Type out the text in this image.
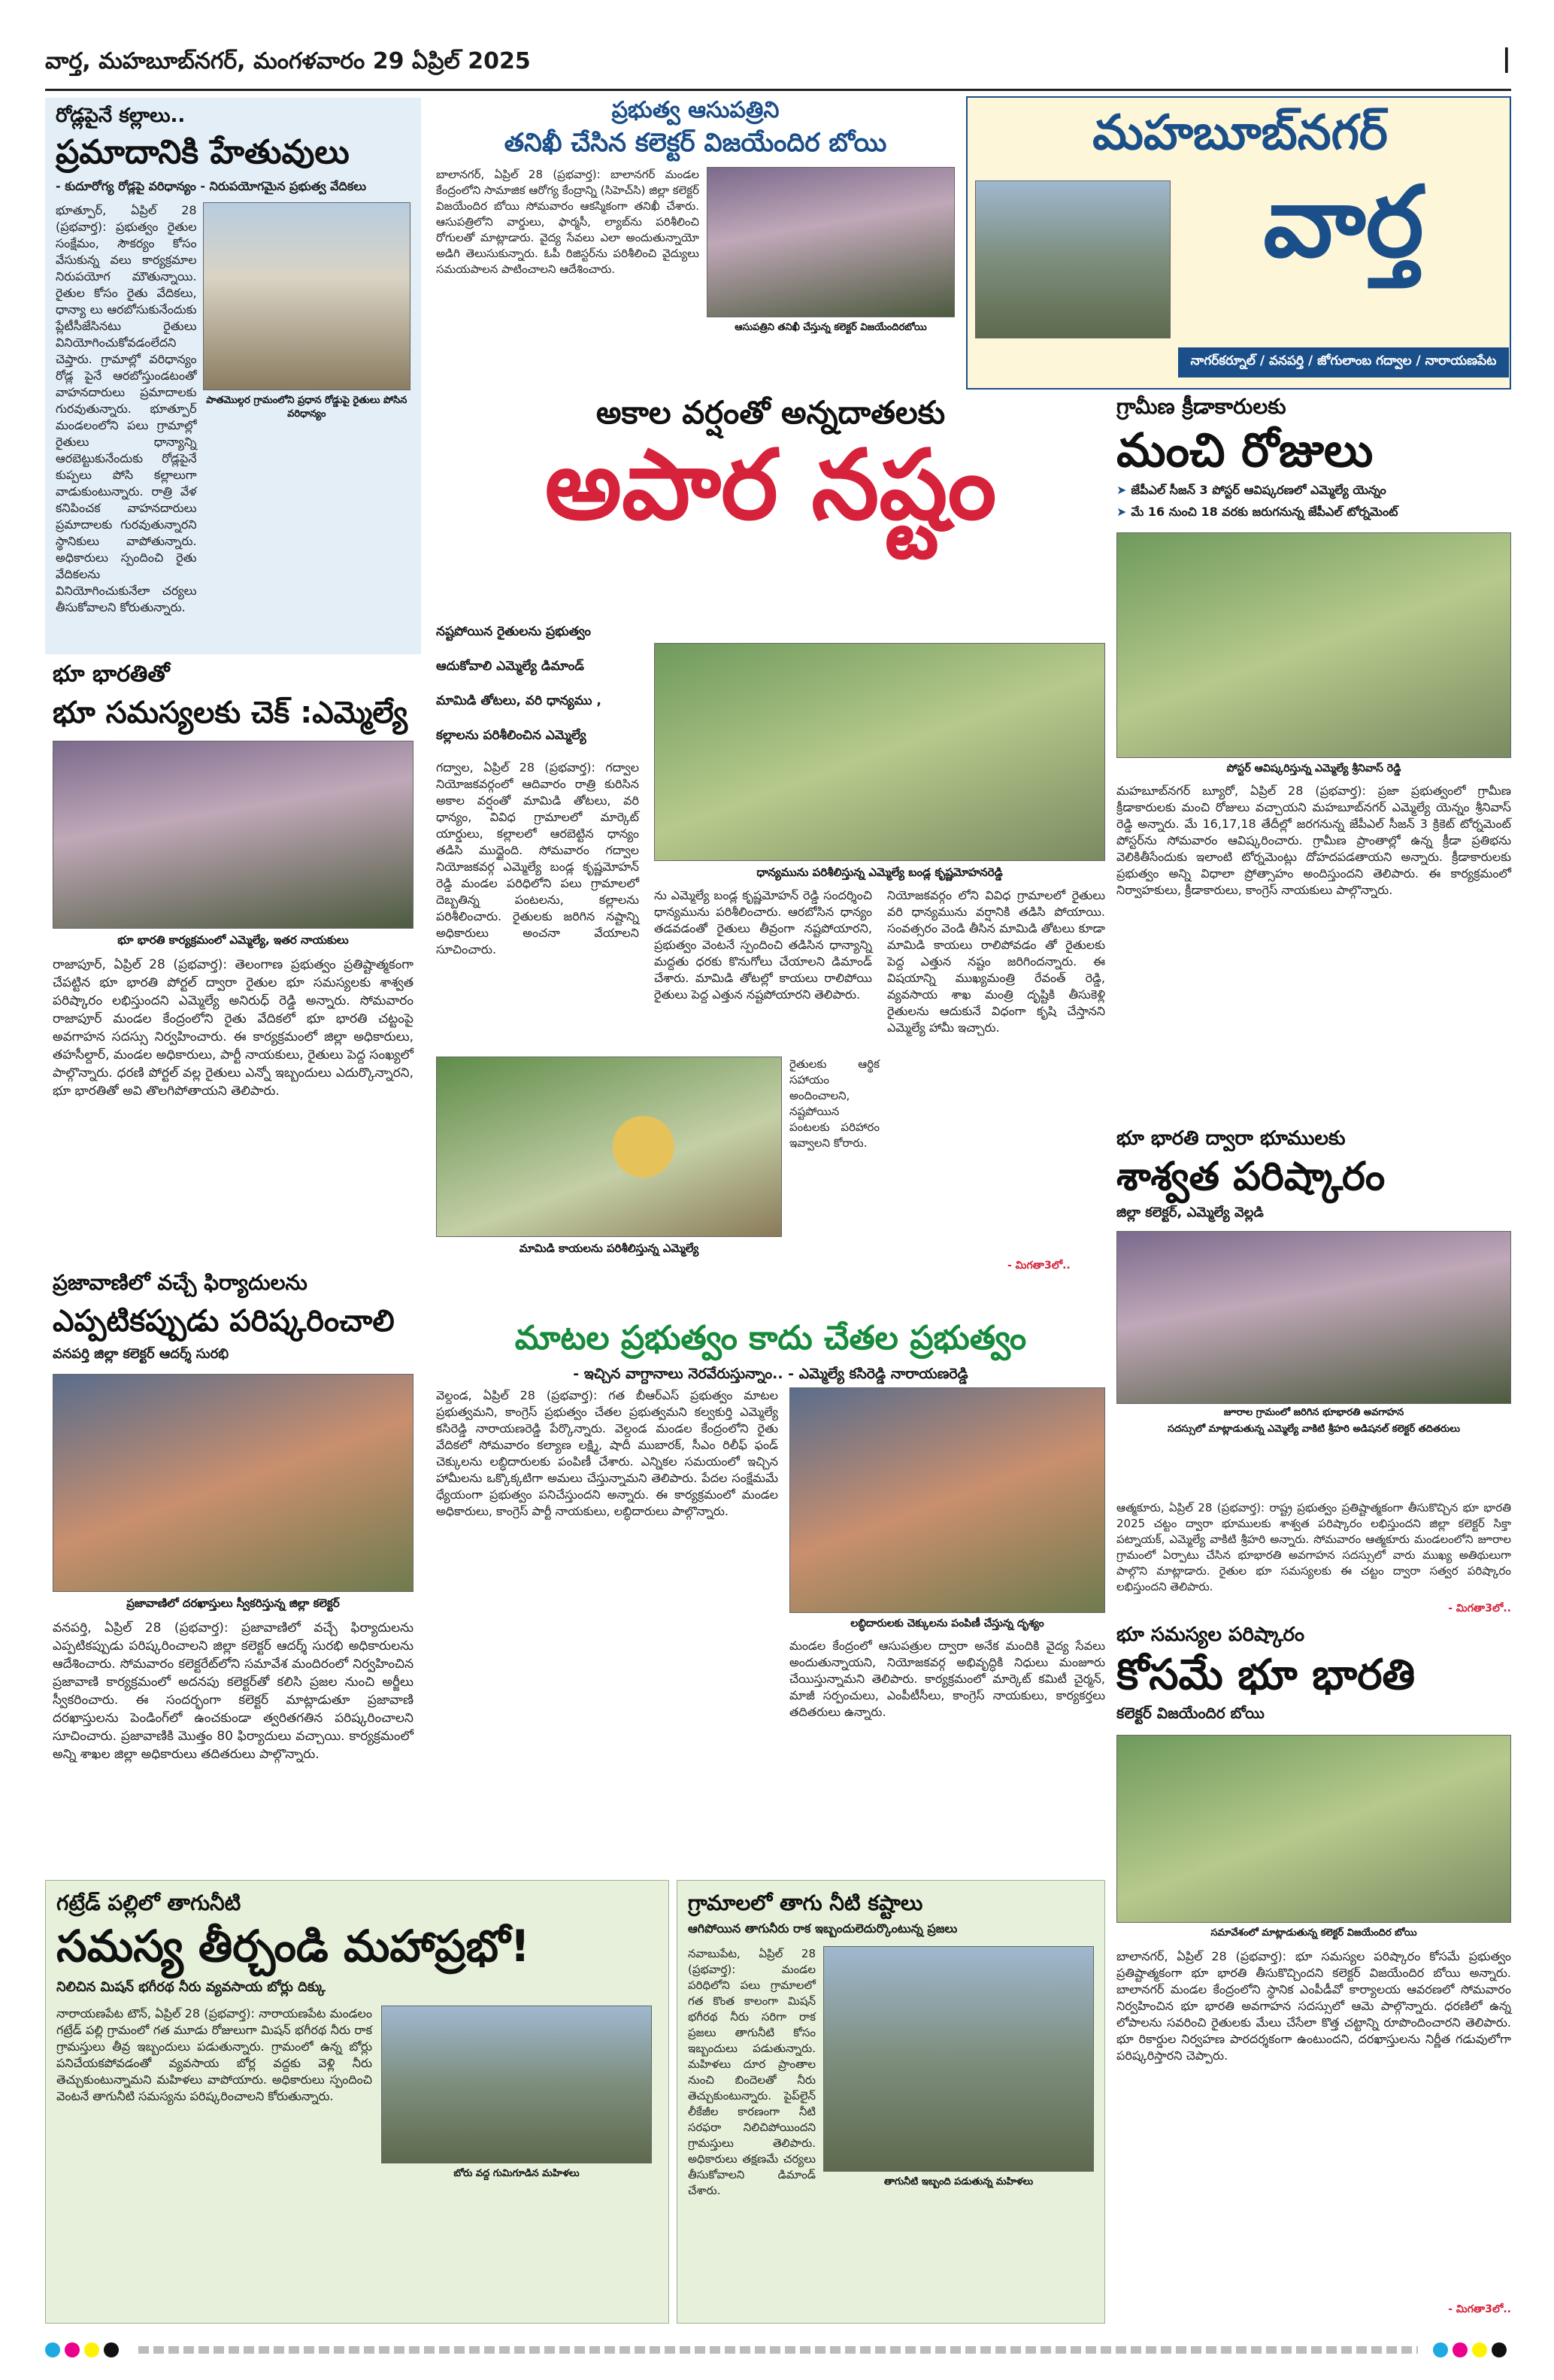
వార్త, మహబూబ్‌నగర్, మంగళవారం 29 ఏప్రిల్ 2025	|
రోడ్లపైనే కల్లాలు..
ప్రమాదానికి హేతువులు
- కుదూరోగ్య రోడ్లపై వరిధాన్యం - నిరుపయోగమైన ప్రభుత్వ వేదికలు
భూత్పూర్, ఏప్రిల్ 28 (ప్రభవార్త): ప్రభుత్వం రైతుల సంక్షేమం, సౌకర్యం కోసం వేసుకున్న వలు కార్యక్రమాల నిరుపయోగ మౌతున్నాయి. రైతుల కోసం రైతు వేదికలు, ధాన్యా లు ఆరబోసుకునేందుకు ప్లేటీసీజేసినటు రైతులు వినియోగించుకోవడంలేదని చెప్తారు. గ్రామాల్లో వరిధాన్యం రోడ్ల పైనే ఆరబోస్తుండటంతో వాహనదారులు ప్రమాదాలకు గురవుతున్నారు. భూత్పూర్ మండలంలోని పలు గ్రామాల్లో రైతులు ధాన్యాన్ని ఆరబెట్టుకునేందుకు రోడ్లపైనే కుప్పలు పోసి కల్లాలుగా వాడుకుంటున్నారు. రాత్రి వేళ కనిపించక వాహనదారులు ప్రమాదాలకు గురవుతున్నారని స్థానికులు వాపోతున్నారు. అధికారులు స్పందించి రైతు వేదికలను వినియోగించుకునేలా చర్యలు తీసుకోవాలని కోరుతున్నారు.
పాతమొల్గర గ్రామంలోని ప్రధాన రోడ్డుపై రైతులు పోసిన వరిధాన్యం
భూ భారతితో
భూ సమస్యలకు చెక్ :ఎమ్మెల్యే
భూ భారతి కార్యక్రమంలో ఎమ్మెల్యే, ఇతర నాయకులు
రాజాపూర్, ఏప్రిల్ 28 (ప్రభవార్త): తెలంగాణ ప్రభుత్వం ప్రతిష్టాత్మకంగా చేపట్టిన భూ భారతి పోర్టల్ ద్వారా రైతుల భూ సమస్యలకు శాశ్వత పరిష్కారం లభిస్తుందని ఎమ్మెల్యే అనిరుధ్ రెడ్డి అన్నారు. సోమవారం రాజాపూర్ మండల కేంద్రంలోని రైతు వేదికలో భూ భారతి చట్టంపై అవగాహన సదస్సు నిర్వహించారు. ఈ కార్యక్రమంలో జిల్లా అధికారులు, తహసీల్దార్, మండల అధికారులు, పార్టీ నాయకులు, రైతులు పెద్ద సంఖ్యలో పాల్గొన్నారు. ధరణి పోర్టల్ వల్ల రైతులు ఎన్నో ఇబ్బందులు ఎదుర్కొన్నారని, భూ భారతితో అవి తొలగిపోతాయని తెలిపారు.
ప్రజావాణిలో వచ్చే ఫిర్యాదులను
ఎప్పటికప్పుడు పరిష్కరించాలి
వనపర్తి జిల్లా కలెక్టర్ ఆదర్శ్ సురభి
ప్రజావాణిలో దరఖాస్తులు స్వీకరిస్తున్న జిల్లా కలెక్టర్
వనపర్తి, ఏప్రిల్ 28 (ప్రభవార్త): ప్రజావాణిలో వచ్చే ఫిర్యాదులను ఎప్పటికప్పుడు పరిష్కరించాలని జిల్లా కలెక్టర్ ఆదర్శ్ సురభి అధికారులను ఆదేశించారు. సోమవారం కలెక్టరేట్‌లోని సమావేశ మందిరంలో నిర్వహించిన ప్రజావాణి కార్యక్రమంలో అదనపు కలెక్టర్‌తో కలిసి ప్రజల నుంచి అర్జీలు స్వీకరించారు. ఈ సందర్భంగా కలెక్టర్ మాట్లాడుతూ ప్రజావాణి దరఖాస్తులను పెండింగ్‌లో ఉంచకుండా త్వరితగతిన పరిష్కరించాలని సూచించారు. ప్రజావాణికి మొత్తం 80 ఫిర్యాదులు వచ్చాయి. కార్యక్రమంలో అన్ని శాఖల జిల్లా అధికారులు తదితరులు పాల్గొన్నారు.
ప్రభుత్వ ఆసుపత్రిని
తనిఖీ చేసిన కలెక్టర్ విజయేందిర బోయి
బాలానగర్, ఏప్రిల్ 28 (ప్రభవార్త): బాలానగర్ మండల కేంద్రంలోని సామాజిక ఆరోగ్య కేంద్రాన్ని (సిహెచ్‌సి) జిల్లా కలెక్టర్ విజయేందిర బోయి సోమవారం ఆకస్మికంగా తనిఖీ చేశారు. ఆసుపత్రిలోని వార్డులు, ఫార్మసీ, ల్యాబ్‌ను పరిశీలించి రోగులతో మాట్లాడారు. వైద్య సేవలు ఎలా అందుతున్నాయో అడిగి తెలుసుకున్నారు. ఓపీ రిజిస్టర్‌ను పరిశీలించి వైద్యులు సమయపాలన పాటించాలని ఆదేశించారు.
ఆసుపత్రిని తనిఖీ చేస్తున్న కలెక్టర్ విజయేందిరబోయి
మహబూబ్‌నగర్
వార్త
నాగర్‌కర్నూల్ / వనపర్తి / జోగులాంబ గద్వాల / నారాయణపేట
అకాల వర్షంతో అన్నదాతలకు
అపార నష్టం
నష్టపోయిన రైతులను ప్రభుత్వం
ఆదుకోవాలి ఎమ్మెల్యే డిమాండ్
మామిడి తోటలు, వరి ధాన్యము ,
కల్లాలను పరిశీలించిన ఎమ్మెల్యే
గద్వాల, ఏప్రిల్ 28 (ప్రభవార్త): గద్వాల నియోజకవర్గంలో ఆదివారం రాత్రి కురిసిన అకాల వర్షంతో మామిడి తోటలు, వరి ధాన్యం, వివిధ గ్రామాలలో మార్కెట్ యార్డులు, కల్లాలలో ఆరబెట్టిన ధాన్యం తడిసి ముద్దైంది. సోమవారం గద్వాల నియోజకవర్గ ఎమ్మెల్యే బండ్ల కృష్ణమోహన్ రెడ్డి మండల పరిధిలోని పలు గ్రామాలలో దెబ్బతిన్న పంటలను, కల్లాలను పరిశీలించారు. రైతులకు జరిగిన నష్టాన్ని అధికారులు అంచనా వేయాలని సూచించారు.
ధాన్యమును పరిశీలిస్తున్న ఎమ్మెల్యే బండ్ల కృష్ణమోహనరెడ్డి
ను ఎమ్మెల్యే బండ్ల కృష్ణమోహన్ రెడ్డి సందర్శించి ధాన్యమును పరిశీలించారు. ఆరబోసిన ధాన్యం తడవడంతో రైతులు తీవ్రంగా నష్టపోయారని, ప్రభుత్వం వెంటనే స్పందించి తడిసిన ధాన్యాన్ని మద్దతు ధరకు కొనుగోలు చేయాలని డిమాండ్ చేశారు. మామిడి తోటల్లో కాయలు రాలిపోయి రైతులు పెద్ద ఎత్తున నష్టపోయారని తెలిపారు.
నియోజకవర్గం లోని వివిధ గ్రామాలలో రైతులు వరి ధాన్యమును వర్షానికి తడిసి పోయాయి. సంవత్సరం వెండి తీసిన మామిడి తోటలు కూడా మామిడి కాయలు రాలిపోవడం తో రైతులకు పెద్ద ఎత్తున నష్టం జరిగిందన్నారు. ఈ విషయాన్ని ముఖ్యమంత్రి రేవంత్ రెడ్డి, వ్యవసాయ శాఖ మంత్రి దృష్టికి తీసుకెళ్లి రైతులను ఆదుకునే విధంగా కృషి చేస్తానని ఎమ్మెల్యే హామీ ఇచ్చారు.
మామిడి కాయలను పరిశీలిస్తున్న ఎమ్మెల్యే
రైతులకు ఆర్థిక సహాయం అందించాలని, నష్టపోయిన పంటలకు పరిహారం ఇవ్వాలని కోరారు.
- మిగతా3లో..
మాటల ప్రభుత్వం కాదు చేతల ప్రభుత్వం
- ఇచ్చిన వాగ్దానాలు నెరవేరుస్తున్నాం.. - ఎమ్మెల్యే కసిరెడ్డి నారాయణరెడ్డి
వెల్దండ, ఏప్రిల్ 28 (ప్రభవార్త): గత బీఆర్ఎస్ ప్రభుత్వం మాటల ప్రభుత్వమని, కాంగ్రెస్ ప్రభుత్వం చేతల ప్రభుత్వమని కల్వకుర్తి ఎమ్మెల్యే కసిరెడ్డి నారాయణరెడ్డి పేర్కొన్నారు. వెల్దండ మండల కేంద్రంలోని రైతు వేదికలో సోమవారం కల్యాణ లక్ష్మి, షాదీ ముబారక్, సీఎం రిలీఫ్ ఫండ్ చెక్కులను లబ్ధిదారులకు పంపిణీ చేశారు. ఎన్నికల సమయంలో ఇచ్చిన హామీలను ఒక్కొక్కటిగా అమలు చేస్తున్నామని తెలిపారు. పేదల సంక్షేమమే ధ్యేయంగా ప్రభుత్వం పనిచేస్తుందని అన్నారు. ఈ కార్యక్రమంలో మండల అధికారులు, కాంగ్రెస్ పార్టీ నాయకులు, లబ్ధిదారులు పాల్గొన్నారు.
లబ్ధిదారులకు చెక్కులను పంపిణీ చేస్తున్న దృశ్యం
మండల కేంద్రంలో ఆసుపత్రుల ద్వారా అనేక మందికి వైద్య సేవలు అందుతున్నాయని, నియోజకవర్గ అభివృద్ధికి నిధులు మంజూరు చేయిస్తున్నామని తెలిపారు. కార్యక్రమంలో మార్కెట్ కమిటీ చైర్మన్, మాజీ సర్పంచులు, ఎంపీటీసీలు, కాంగ్రెస్ నాయకులు, కార్యకర్తలు తదితరులు ఉన్నారు.
గ్రామీణ క్రీడాకారులకు
మంచి రోజులు
➤ జేపీఎల్ సీజన్ 3 పోస్టర్ ఆవిష్కరణలో ఎమ్మెల్యే యెన్నం
➤ మే 16 నుంచి 18 వరకు జరుగనున్న జేపీఎల్ టోర్నమెంట్
పోస్టర్ ఆవిష్కరిస్తున్న ఎమ్మెల్యే శ్రీనివాస్ రెడ్డి
మహబూబ్‌నగర్ బ్యూరో, ఏప్రిల్ 28 (ప్రభవార్త): ప్రజా ప్రభుత్వంలో గ్రామీణ క్రీడాకారులకు మంచి రోజులు వచ్చాయని మహబూబ్‌నగర్ ఎమ్మెల్యే యెన్నం శ్రీనివాస్ రెడ్డి అన్నారు. మే 16,17,18 తేదీల్లో జరగనున్న జేపీఎల్ సీజన్ 3 క్రికెట్ టోర్నమెంట్ పోస్టర్‌ను సోమవారం ఆవిష్కరించారు. గ్రామీణ ప్రాంతాల్లో ఉన్న క్రీడా ప్రతిభను వెలికితీసేందుకు ఇలాంటి టోర్నమెంట్లు దోహదపడతాయని అన్నారు. క్రీడాకారులకు ప్రభుత్వం అన్ని విధాలా ప్రోత్సాహం అందిస్తుందని తెలిపారు. ఈ కార్యక్రమంలో నిర్వాహకులు, క్రీడాకారులు, కాంగ్రెస్ నాయకులు పాల్గొన్నారు.
భూ భారతి ద్వారా భూములకు
శాశ్వత పరిష్కారం
జిల్లా కలెక్టర్, ఎమ్మెల్యే వెల్లడి
జూరాల గ్రామంలో జరిగిన భూభారతి అవగాహన
సదస్సులో మాట్లాడుతున్న ఎమ్మెల్యే వాకిటి శ్రీహరి అడిషనల్ కలెక్టర్ తదితరులు
ఆత్మకూరు, ఏప్రిల్ 28 (ప్రభవార్త): రాష్ట్ర ప్రభుత్వం ప్రతిష్టాత్మకంగా తీసుకొచ్చిన భూ భారతి 2025 చట్టం ద్వారా భూములకు శాశ్వత పరిష్కారం లభిస్తుందని జిల్లా కలెక్టర్ సిక్తా పట్నాయక్, ఎమ్మెల్యే వాకిటి శ్రీహరి అన్నారు. సోమవారం ఆత్మకూరు మండలంలోని జూరాల గ్రామంలో ఏర్పాటు చేసిన భూభారతి అవగాహన సదస్సులో వారు ముఖ్య అతిథులుగా పాల్గొని మాట్లాడారు. రైతుల భూ సమస్యలకు ఈ చట్టం ద్వారా సత్వర పరిష్కారం లభిస్తుందని తెలిపారు.
- మిగతా3లో..
భూ సమస్యల పరిష్కారం
కోసమే భూ భారతి
కలెక్టర్ విజయేందిర బోయి
సమావేశంలో మాట్లాడుతున్న కలెక్టర్ విజయేందిర బోయి
బాలానగర్, ఏప్రిల్ 28 (ప్రభవార్త): భూ సమస్యల పరిష్కారం కోసమే ప్రభుత్వం ప్రతిష్టాత్మకంగా భూ భారతి తీసుకొచ్చిందని కలెక్టర్ విజయేందిర బోయి అన్నారు. బాలానగర్ మండల కేంద్రంలోని స్థానిక ఎంపీడీవో కార్యాలయ ఆవరణలో సోమవారం నిర్వహించిన భూ భారతి అవగాహన సదస్సులో ఆమె పాల్గొన్నారు. ధరణిలో ఉన్న లోపాలను సవరించి రైతులకు మేలు చేసేలా కొత్త చట్టాన్ని రూపొందించారని తెలిపారు. భూ రికార్డుల నిర్వహణ పారదర్శకంగా ఉంటుందని, దరఖాస్తులను నిర్ణీత గడువులోగా పరిష్కరిస్తారని చెప్పారు.
- మిగతా3లో..
గట్రేడ్ పల్లిలో తాగునీటి
సమస్య తీర్చండి మహాప్రభో!
నిలిచిన మిషన్ భగీరథ నీరు వ్యవసాయ బోర్లు దిక్కు
నారాయణపేట టౌన్, ఏప్రిల్ 28 (ప్రభవార్త): నారాయణపేట మండలం గట్రేడ్ పల్లి గ్రామంలో గత మూడు రోజులుగా మిషన్ భగీరథ నీరు రాక గ్రామస్తులు తీవ్ర ఇబ్బందులు పడుతున్నారు. గ్రామంలో ఉన్న బోర్లు పనిచేయకపోవడంతో వ్యవసాయ బోర్ల వద్దకు వెళ్లి నీరు తెచ్చుకుంటున్నామని మహిళలు వాపోయారు. అధికారులు స్పందించి వెంటనే తాగునీటి సమస్యను పరిష్కరించాలని కోరుతున్నారు.
బోరు వద్ద గుమిగూడిన మహిళలు
గ్రామాలలో తాగు నీటి కష్టాలు
ఆగిపోయిన తాగునీరు రాక ఇబ్బందులెదుర్కొంటున్న ప్రజలు
నవాబుపేట, ఏప్రిల్ 28 (ప్రభవార్త): మండల పరిధిలోని పలు గ్రామాలలో గత కొంత కాలంగా మిషన్ భగీరథ నీరు సరిగా రాక ప్రజలు తాగునీటి కోసం ఇబ్బందులు పడుతున్నారు. మహిళలు దూర ప్రాంతాల నుంచి బిందెలతో నీరు తెచ్చుకుంటున్నారు. పైప్‌లైన్ లీకేజీల కారణంగా నీటి సరఫరా నిలిచిపోయిందని గ్రామస్తులు తెలిపారు. అధికారులు తక్షణమే చర్యలు తీసుకోవాలని డిమాండ్ చేశారు.
తాగునీటి ఇబ్బంది పడుతున్న మహిళలు
